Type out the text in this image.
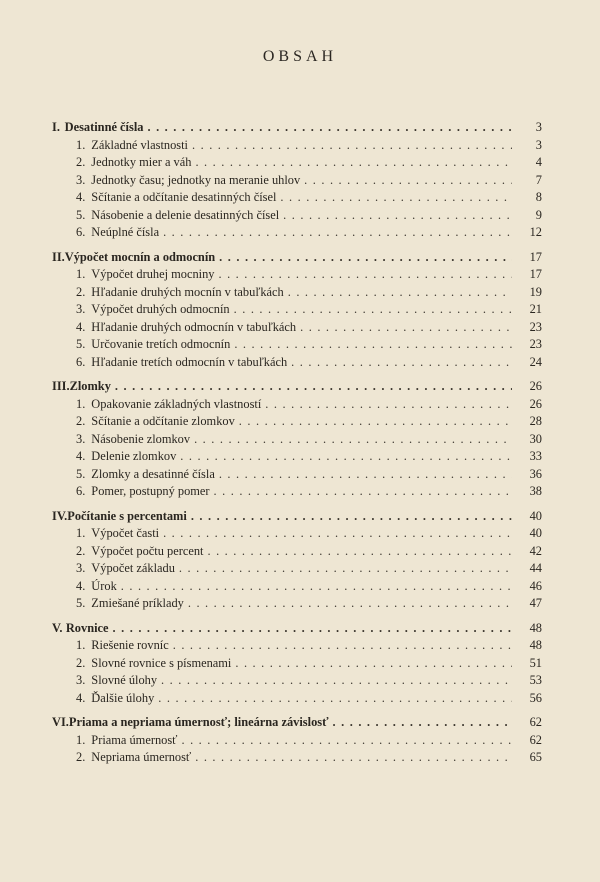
OBSAH
I. Desatinné čísla . . .	3
1. Základné vlastnosti . . .	3
2. Jednotky mier a váh . . .	4
3. Jednotky času; jednotky na meranie uhlov . . .	7
4. Sčítanie a odčítanie desatinných čísel . . .	8
5. Násobenie a delenie desatinných čísel . . .	9
6. Neúplné čísla . . .	12
II. Výpočet mocnín a odmocnín . . .	17
1. Výpočet druhej mocniny . . .	17
2. Hľadanie druhých mocnín v tabuľkách . . .	19
3. Výpočet druhých odmocnín . . .	21
4. Hľadanie druhých odmocnín v tabuľkách . . .	23
5. Určovanie tretích odmocnín . . .	23
6. Hľadanie tretích odmocnín v tabuľkách . . .	24
III. Zlomky . . .	26
1. Opakovanie základných vlastností . . .	26
2. Sčítanie a odčítanie zlomkov . . .	28
3. Násobenie zlomkov . . .	30
4. Delenie zlomkov . . .	33
5. Zlomky a desatinné čísla . . .	36
6. Pomer, postupný pomer . . .	38
IV. Počítanie s percentami . . .	40
1. Výpočet časti . . .	40
2. Výpočet počtu percent . . .	42
3. Výpočet základu . . .	44
4. Úrok . . .	46
5. Zmiešané príklady . . .	47
V. Rovnice . . .	48
1. Riešenie rovníc . . .	48
2. Slovné rovnice s písmenami . . .	51
3. Slovné úlohy . . .	53
4. Ďalšie úlohy . . .	56
VI. Priama a nepriama úmernosť; lineárna závislosť . . .	62
1. Priama úmernosť . . .	62
2. Nepriama úmernosť . . .	65
